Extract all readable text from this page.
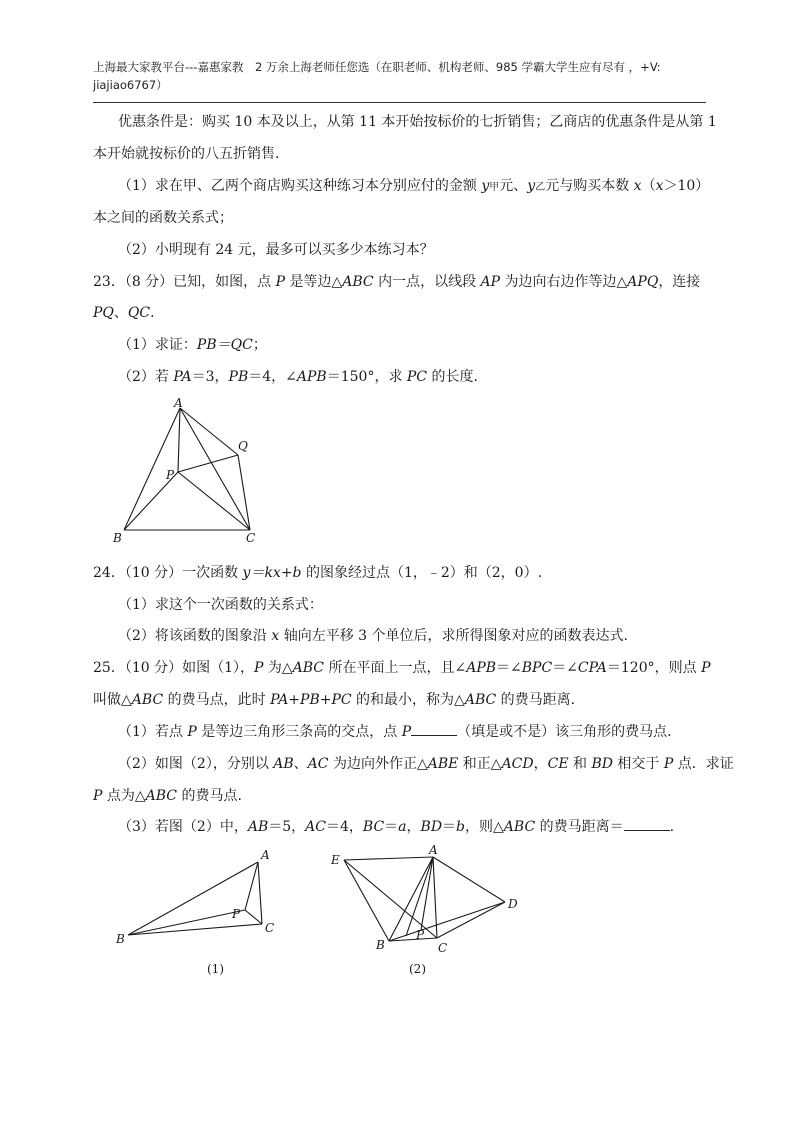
上海最大家教平台---嘉惠家教　2 万余上海老师任您选（在职老师、机构老师、985 学霸大学生应有尽有 ，+V:
jiajiao6767）
优惠条件是：购买 10 本及以上，从第 11 本开始按标价的七折销售；乙商店的优惠条件是从第 1
本开始就按标价的八五折销售.
（1）求在甲、乙两个商店购买这种练习本分别应付的金额 y甲元、y乙元与购买本数 x（x＞10）
本之间的函数关系式；
（2）小明现有 24 元，最多可以买多少本练习本？
23．（8 分）已知，如图，点 P 是等边△ABC 内一点，以线段 AP 为边向右边作等边△APQ，连接
PQ、QC.
（1）求证：PB＝QC；
（2）若 PA＝3，PB＝4，∠APB＝150°，求 PC 的长度.
A
Q
P
B	C
24．（10 分）一次函数 y＝kx+b 的图象经过点（1，﹣2）和（2，0）.
（1）求这个一次函数的关系式：
（2）将该函数的图象沿 x 轴向左平移 3 个单位后，求所得图象对应的函数表达式.
25．（10 分）如图（1），P 为△ABC 所在平面上一点，且∠APB＝∠BPC＝∠CPA＝120°，则点 P
叫做△ABC 的费马点，此时 PA+PB+PC 的和最小，称为△ABC 的费马距离.
（1）若点 P 是等边三角形三条高的交点，点 P	（填是或不是）该三角形的费马点.
（2）如图（2），分别以 AB、AC 为边向外作正△ABE 和正△ACD，CE 和 BD 相交于 P 点．求证
P 点为△ABC 的费马点.
（3）若图（2）中，AB＝5，AC＝4，BC＝a，BD＝b，则△ABC 的费马距离＝	.
A
P
C
B
(1)
E
A
D
B
P
C
(2)
